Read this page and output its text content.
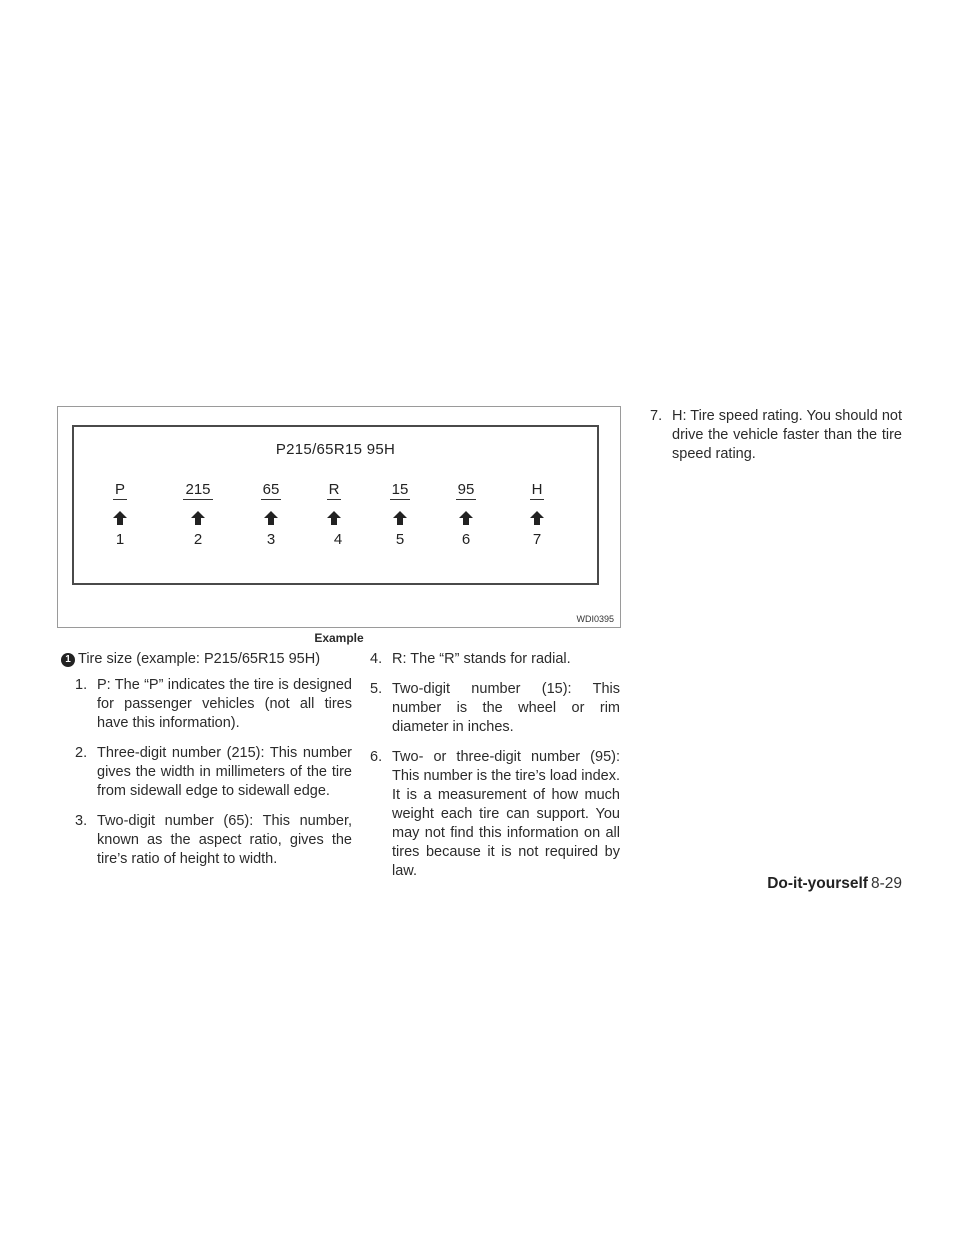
P215/65R15 95H
P
1
215
2
65
3
R
4
15
5
95
6
H
7
WDI0395
Example
1 Tire size (example: P215/65R15 95H)
1. P: The “P” indicates the tire is designed for passenger vehicles (not all tires have this information).
2. Three-digit number (215): This number gives the width in millimeters of the tire from sidewall edge to sidewall edge.
3. Two-digit number (65): This number, known as the aspect ratio, gives the tire’s ratio of height to width.
4. R: The “R” stands for radial.
5. Two-digit number (15): This number is the wheel or rim diameter in inches.
6. Two- or three-digit number (95): This number is the tire’s load index. It is a measurement of how much weight each tire can support. You may not find this information on all tires because it is not required by law.
7. H: Tire speed rating. You should not drive the vehicle faster than the tire speed rating.
Do-it-yourself 8-29
